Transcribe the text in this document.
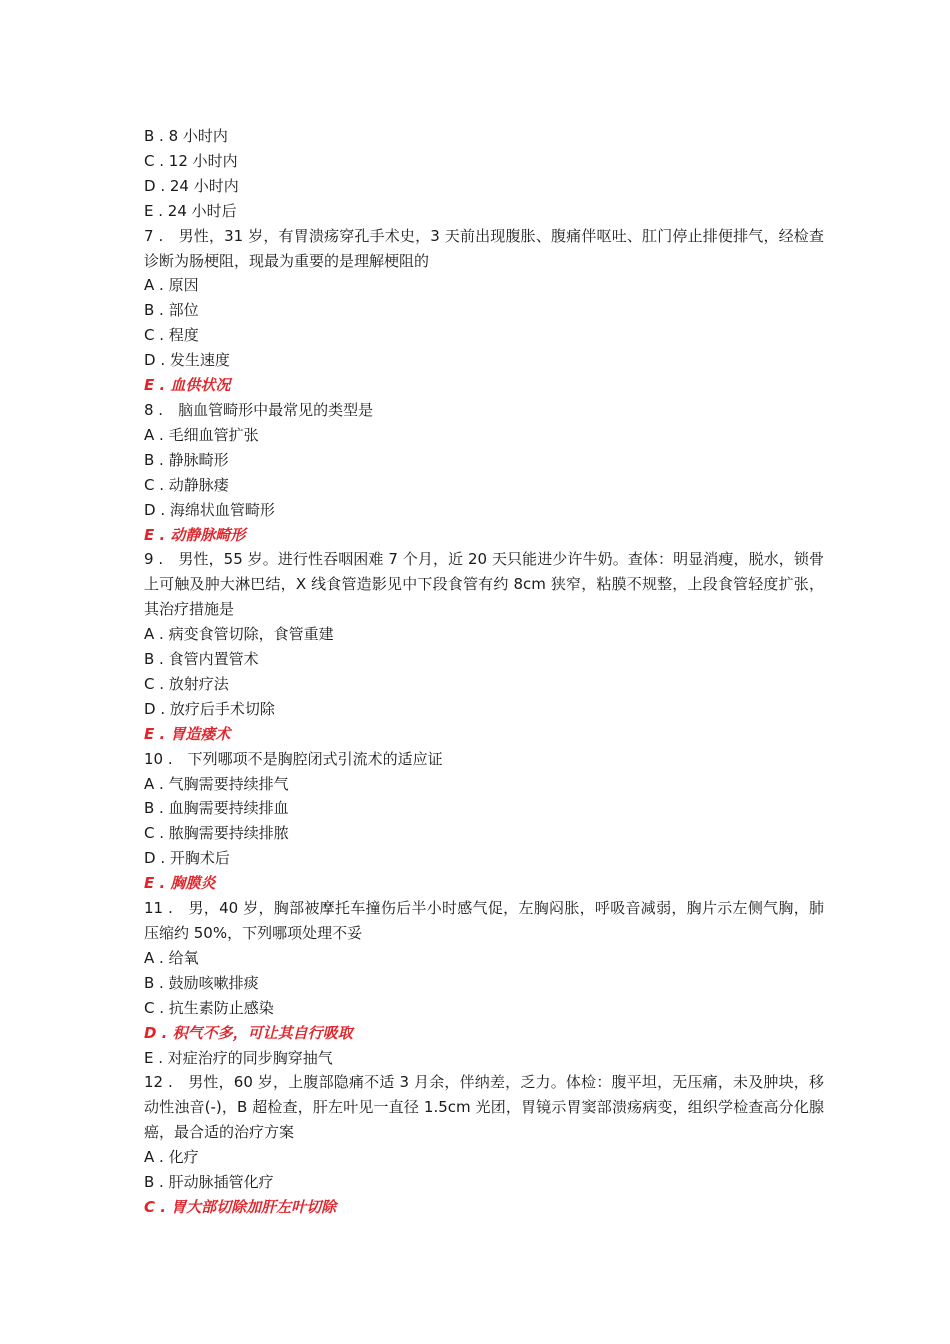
B . 8 小时内
C . 12 小时内
D . 24 小时内
E . 24 小时后
7 .　男性，31 岁，有胃溃疡穿孔手术史，3 天前出现腹胀、腹痛伴呕吐、肛门停止排便排气，经检查诊断为肠梗阻，现最为重要的是理解梗阻的
A . 原因
B . 部位
C . 程度
D . 发生速度
E . 血供状况
8 .　脑血管畸形中最常见的类型是
A . 毛细血管扩张
B . 静脉畸形
C . 动静脉瘘
D . 海绵状血管畸形
E . 动静脉畸形
9 .　男性，55 岁。进行性吞咽困难 7 个月，近 20 天只能进少许牛奶。查体：明显消瘦，脱水，锁骨上可触及肿大淋巴结，X 线食管造影见中下段食管有约 8cm 狭窄，粘膜不规整，上段食管轻度扩张，其治疗措施是
A . 病变食管切除，食管重建
B . 食管内置管术
C . 放射疗法
D . 放疗后手术切除
E . 胃造瘘术
10 .　下列哪项不是胸腔闭式引流术的适应证
A . 气胸需要持续排气
B . 血胸需要持续排血
C . 脓胸需要持续排脓
D . 开胸术后
E . 胸膜炎
11 .　男，40 岁，胸部被摩托车撞伤后半小时感气促，左胸闷胀，呼吸音减弱，胸片示左侧气胸，肺压缩约 50%，下列哪项处理不妥
A . 给氧
B . 鼓励咳嗽排痰
C . 抗生素防止感染
D . 积气不多，可让其自行吸取
E . 对症治疗的同步胸穿抽气
12 .　男性，60 岁，上腹部隐痛不适 3 月余，伴纳差，乏力。体检：腹平坦，无压痛，未及肿块，移动性浊音(-)，B 超检查，肝左叶见一直径 1.5cm 光团，胃镜示胃窦部溃疡病变，组织学检查高分化腺癌，最合适的治疗方案
A . 化疗
B . 肝动脉插管化疗
C . 胃大部切除加肝左叶切除
